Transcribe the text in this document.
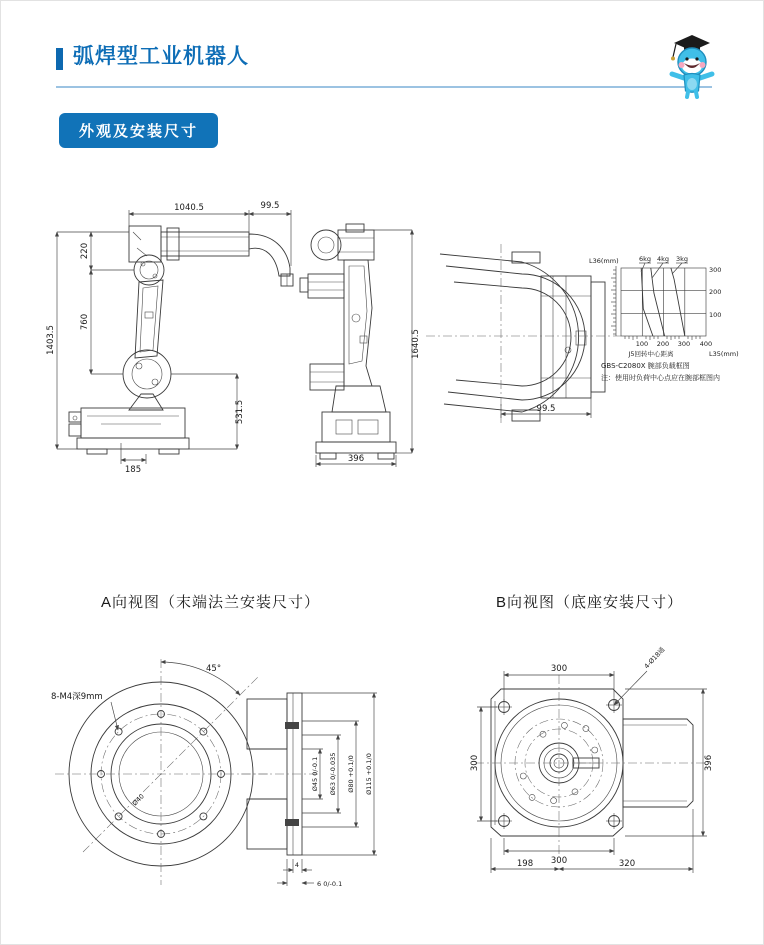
弧焊型工业机器人
外观及安装尺寸
1040.5	99.5
220
760
1403.5
531.5
185
1640.5
396
6kg 4kg 3kg
L36(mm)
300
200
100
100 200 300 400
J5回转中心距离	L35(mm)
GBS-C2080X 腕部负载框图
注：使用时负荷中心点应在腕部框图内
99.5
A向视图（末端法兰安装尺寸）	B向视图（底座安装尺寸）
45°
8-M4深9mm
Ø40
Ø45 0/-0.1 Ø63 0/-0.035 Ø80 +0.1/0 Ø115 +0.1/0
4
6 0/-0.1
300
300	396
300
198	320
4-Ø18通
